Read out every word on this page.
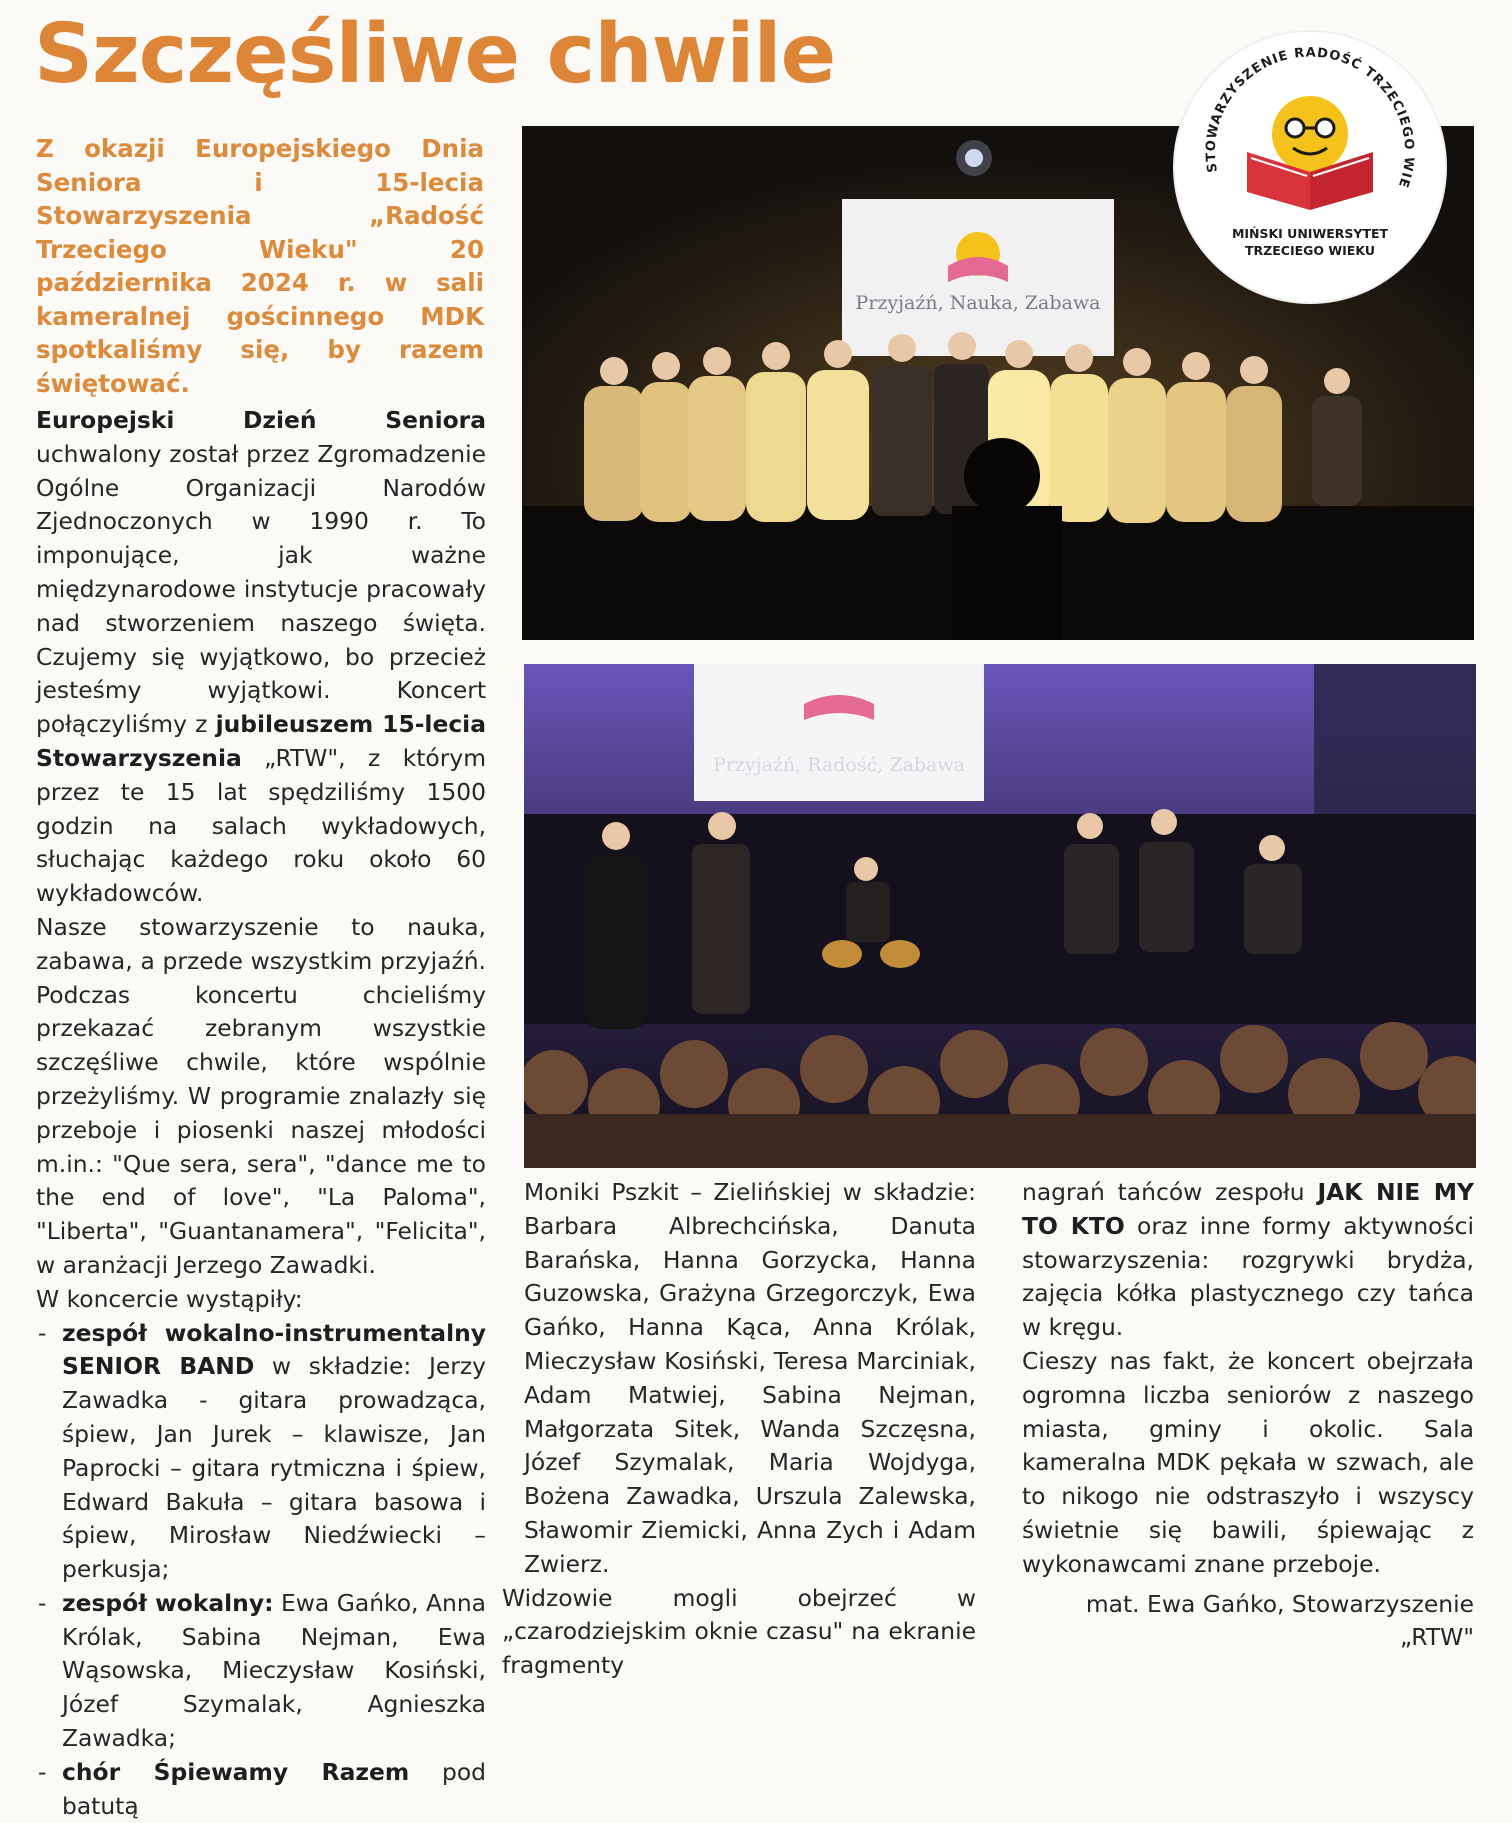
Szczęśliwe chwile

Z okazji Europejskiego Dnia Seniora i 15-lecia Stowarzyszenia „Radość Trzeciego Wieku" 20 października 2024 r. w sali kameralnej gościnnego MDK spotkaliśmy się, by razem świętować.

Europejski Dzień Seniora uchwalony został przez Zgromadzenie Ogólne Organizacji Narodów Zjednoczonych w 1990 r. To imponujące, jak ważne międzynarodowe instytucje pracowały nad stworzeniem naszego święta. Czujemy się wyjątkowo, bo przecież jesteśmy wyjątkowi. Koncert połączyliśmy z jubileuszem 15-lecia Stowarzyszenia „RTW", z którym przez te 15 lat spędziliśmy 1500 godzin na salach wykładowych, słuchając każdego roku około 60 wykładowców.

Nasze stowarzyszenie to nauka, zabawa, a przede wszystkim przyjaźń. Podczas koncertu chcieliśmy przekazać zebranym wszystkie szczęśliwe chwile, które wspólnie przeżyliśmy. W programie znalazły się przeboje i piosenki naszej młodości m.in.: "Que sera, sera", "dance me to the end of love", "La Paloma", "Liberta", "Guantanamera", "Felicita", w aranżacji Jerzego Zawadki.

W koncercie wystąpiły:

- zespół wokalno-instrumentalny SENIOR BAND w składzie: Jerzy Zawadka - gitara prowadząca, śpiew, Jan Jurek – klawisze, Jan Paprocki – gitara rytmiczna i śpiew, Edward Bakuła – gitara basowa i śpiew, Mirosław Niedźwiecki – perkusja;
- zespół wokalny: Ewa Gańko, Anna Królak, Sabina Nejman, Ewa Wąsowska, Mieczysław Kosiński, Józef Szymalak, Agnieszka Zawadka;
- chór Śpiewamy Razem pod batutą

Moniki Pszkit – Zielińskiej w składzie: Barbara Albrechcińska, Danuta Barańska, Hanna Gorzycka, Hanna Guzowska, Grażyna Grzegorczyk, Ewa Gańko, Hanna Kąca, Anna Królak, Mieczysław Kosiński, Teresa Marciniak, Adam Matwiej, Sabina Nejman, Małgorzata Sitek, Wanda Szczęsna, Józef Szymalak, Maria Wojdyga, Bożena Zawadka, Urszula Zalewska, Sławomir Ziemicki, Anna Zych i Adam Zwierz.

Widzowie mogli obejrzeć w „czarodziejskim oknie czasu" na ekranie fragmenty

nagrań tańców zespołu JAK NIE MY TO KTO oraz inne formy aktywności stowarzyszenia: rozgrywki brydża, zajęcia kółka plastycznego czy tańca w kręgu.

Cieszy nas fakt, że koncert obejrzała ogromna liczba seniorów z naszego miasta, gminy i okolic. Sala kameralna MDK pękała w szwach, ale to nikogo nie odstraszyło i wszyscy świetnie się bawili, śpiewając z wykonawcami znane przeboje.

mat. Ewa Gańko, Stowarzyszenie „RTW"

Przyjaźń, Nauka, Zabawa
Przyjaźń, Radość, Zabawa
STOWARZYSZENIE RADOŚĆ TRZECIEGO WIE
MIŃSKI UNIWERSYTET
TRZECIEGO WIEKU
